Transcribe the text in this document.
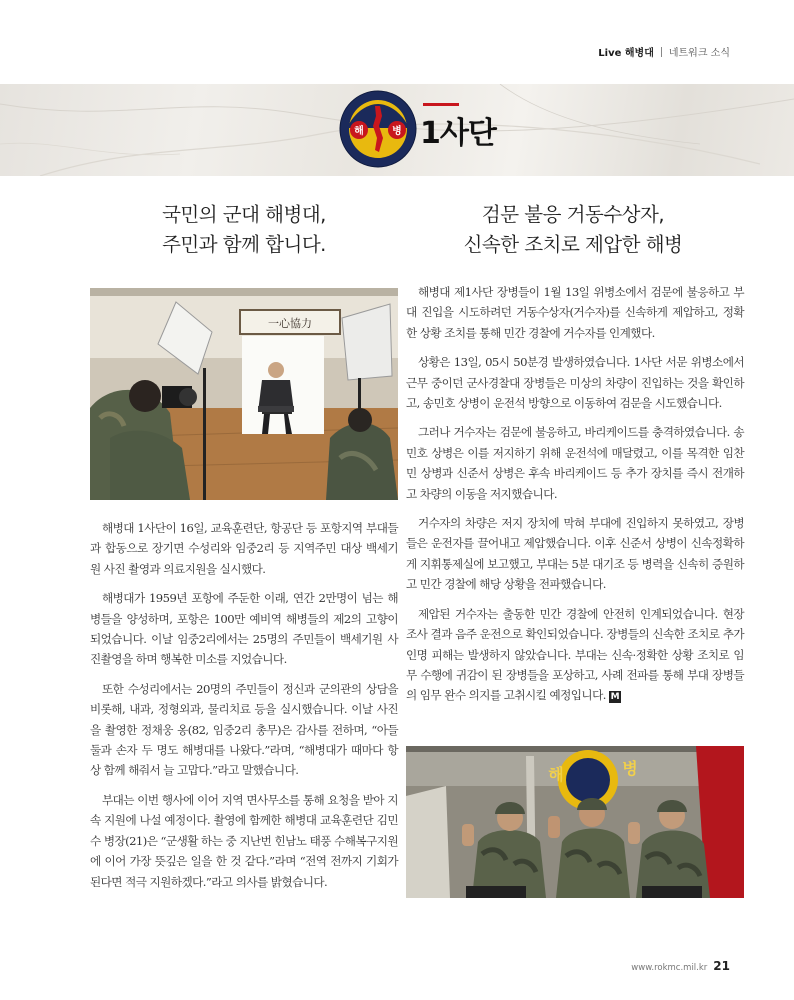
Live 해병대 네트워크 소식
해	병 1사단
국민의 군대 해병대,
주민과 함께 합니다.
검문 불응 거동수상자,
신속한 조치로 제압한 해병
一心協力

해병대 1사단이 16일, 교육훈련단, 항공단 등 포항지역 부대들과 합동으로 장기면 수성리와 임중2리 등 지역주민 대상 백세기원 사진 촬영과 의료지원을 실시했다.

해병대가 1959년 포항에 주둔한 이래, 연간 2만명이 넘는 해병들을 양성하며, 포항은 100만 예비역 해병들의 제2의 고향이 되었습니다. 이날 임중2리에서는 25명의 주민들이 백세기원 사진촬영을 하며 행복한 미소를 지었습니다.

또한 수성리에서는 20명의 주민들이 정신과 군의관의 상담을 비롯해, 내과, 정형외과, 물리치료 등을 실시했습니다. 이날 사진을 촬영한 정채웅 옹(82, 임중2리 총무)은 감사를 전하며, “아들 둘과 손자 두 명도 해병대를 나왔다.”라며, “해병대가 때마다 항상 함께 해줘서 늘 고맙다.”라고 말했습니다.

부대는 이번 행사에 이어 지역 면사무소를 통해 요청을 받아 지속 지원에 나설 예정이다. 촬영에 함께한 해병대 교육훈련단 김민수 병장(21)은 “군생활 하는 중 지난번 힌남노 태풍 수해복구지원에 이어 가장 뜻깊은 일을 한 것 같다.”라며 “전역 전까지 기회가 된다면 적극 지원하겠다.”라고 의사를 밝혔습니다.

해병대 제1사단 장병들이 1월 13일 위병소에서 검문에 불응하고 부대 진입을 시도하려던 거동수상자(거수자)를 신속하게 제압하고, 정확한 상황 조치를 통해 민간 경찰에 거수자를 인계했다.

상황은 13일, 05시 50분경 발생하였습니다. 1사단 서문 위병소에서 근무 중이던 군사경찰대 장병들은 미상의 차량이 진입하는 것을 확인하고, 송민호 상병이 운전석 방향으로 이동하여 검문을 시도했습니다.

그러나 거수자는 검문에 불응하고, 바리케이드를 충격하였습니다. 송민호 상병은 이를 저지하기 위해 운전석에 매달렸고, 이를 목격한 임찬민 상병과 신준서 상병은 후속 바리케이드 등 추가 장치를 즉시 전개하고 차량의 이동을 저지했습니다.

거수자의 차량은 저지 장치에 막혀 부대에 진입하지 못하였고, 장병들은 운전자를 끌어내고 제압했습니다. 이후 신준서 상병이 신속정확하게 지휘통제실에 보고했고, 부대는 5분 대기조 등 병력을 신속히 증원하고 민간 경찰에 해당 상황을 전파했습니다.

제압된 거수자는 출동한 민간 경찰에 안전히 인계되었습니다. 현장 조사 결과 음주 운전으로 확인되었습니다. 장병들의 신속한 조치로 추가 인명 피해는 발생하지 않았습니다. 부대는 신속·정확한 상황 조치로 임무 수행에 귀감이 된 장병들을 포상하고, 사례 전파를 통해 부대 장병들의 임무 완수 의지를 고취시킬 예정입니다. M

해	병
www.rokmc.mil.kr 21
